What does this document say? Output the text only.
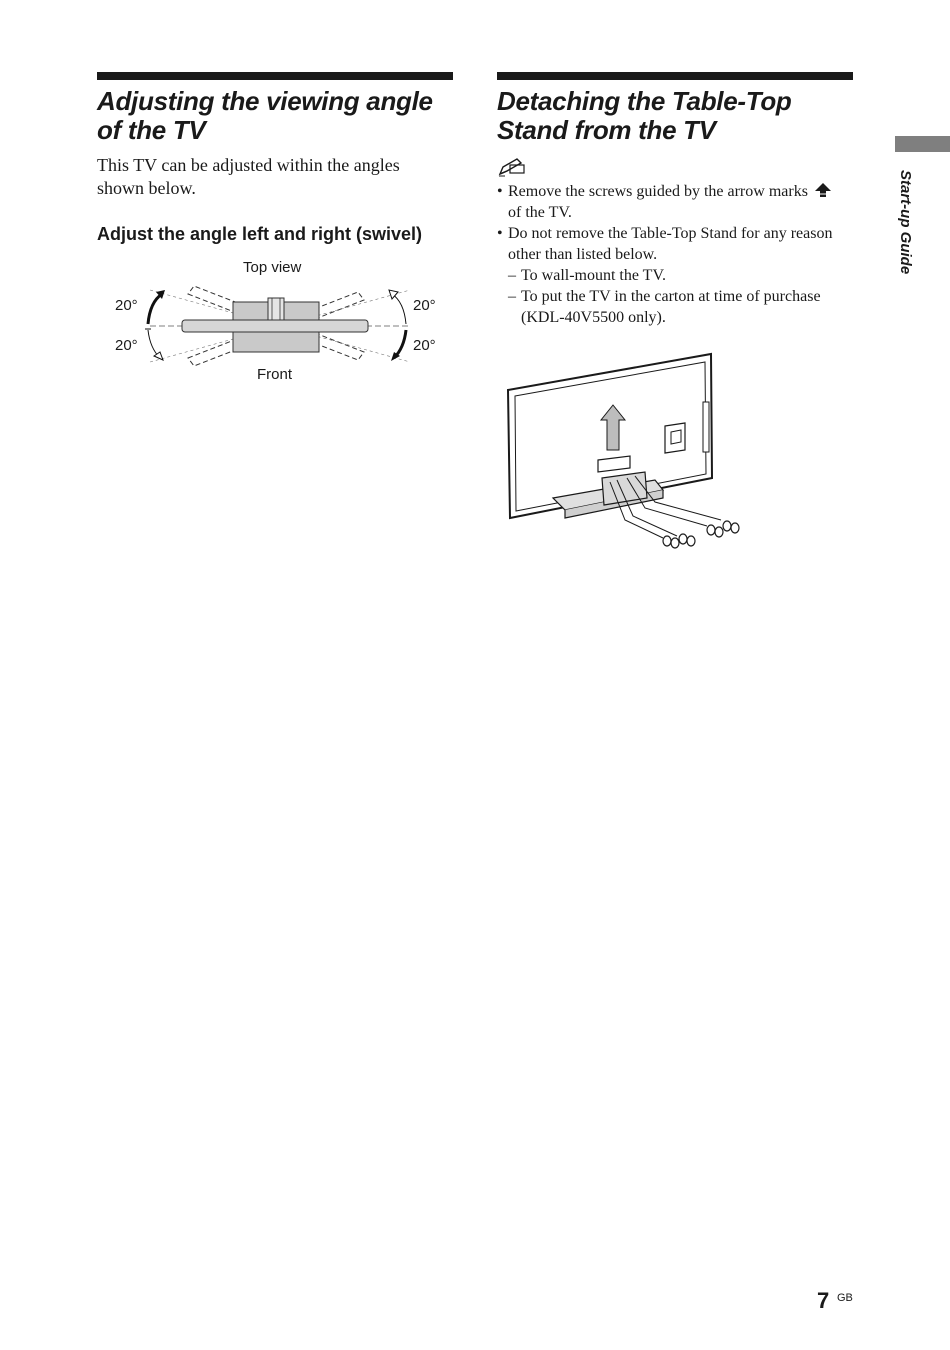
Adjusting the viewing angle of the TV

This TV can be adjusted within the angles shown below.

Adjust the angle left and right (swivel)
Top view
Front
20°
20°
20°
20°
Detaching the Table-Top Stand from the TV
• Remove the screws guided by the arrow marks
of the TV.
• Do not remove the Table-Top Stand for any reason other than listed below.
– To wall-mount the TV.
– To put the TV in the carton at time of purchase (KDL-40V5500 only).
Start-up Guide
7 GB
